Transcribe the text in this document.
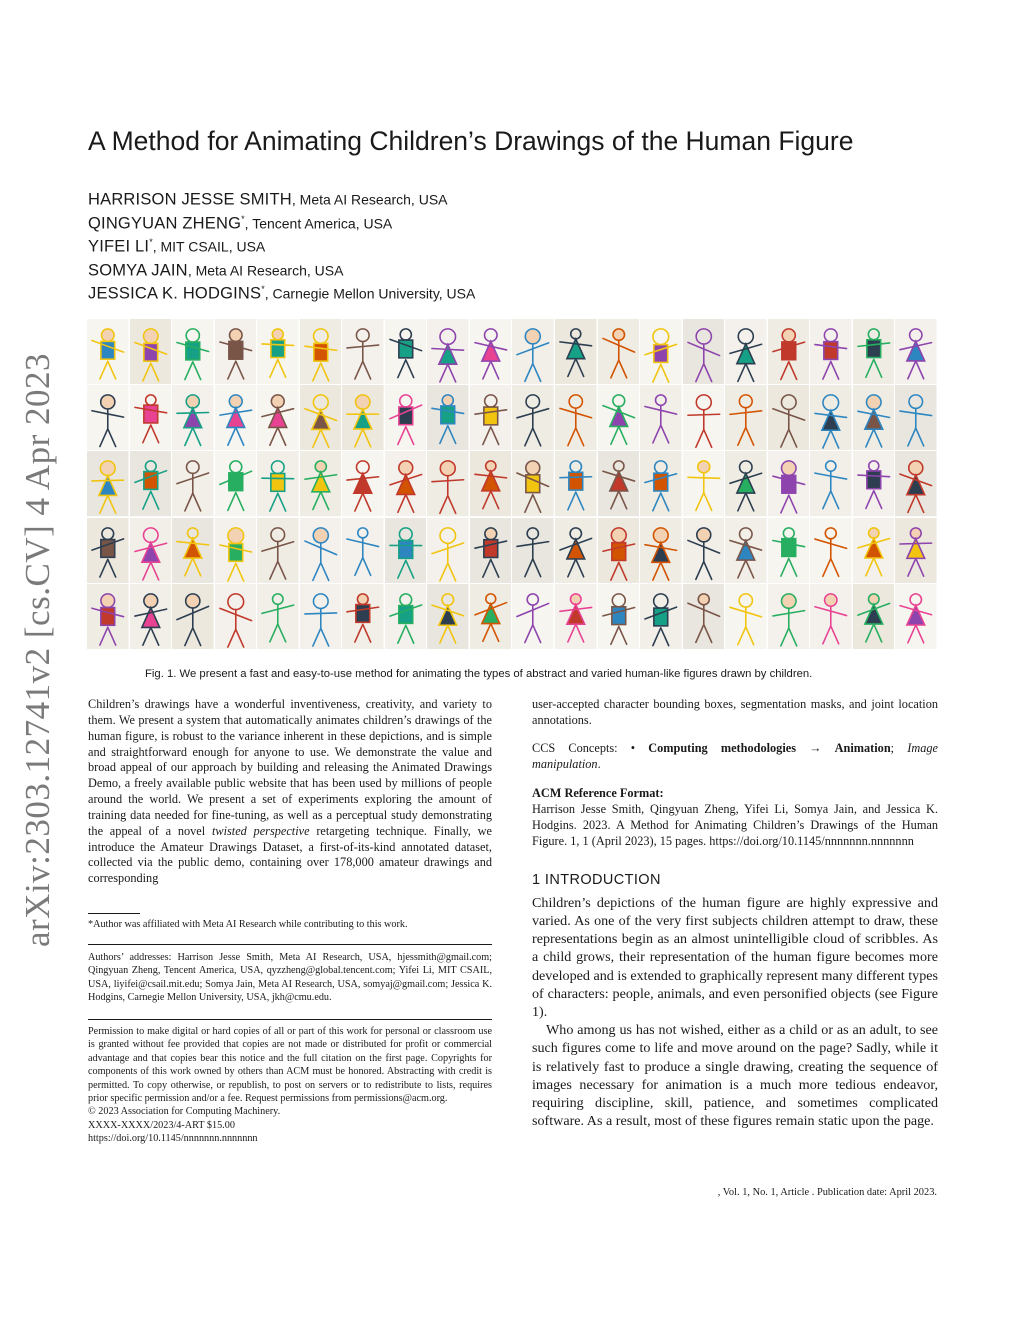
arXiv:2303.12741v2 [cs.CV] 4 Apr 2023
A Method for Animating Children’s Drawings of the Human Figure
HARRISON JESSE SMITH, Meta AI Research, USA
QINGYUAN ZHENG*, Tencent America, USA
YIFEI LI*, MIT CSAIL, USA
SOMYA JAIN, Meta AI Research, USA
JESSICA K. HODGINS*, Carnegie Mellon University, USA
Fig. 1. We present a fast and easy-to-use method for animating the types of abstract and varied human-like figures drawn by children.

Children’s drawings have a wonderful inventiveness, creativity, and variety to them. We present a system that automatically animates children’s drawings of the human figure, is robust to the variance inherent in these depictions, and is simple and straightforward enough for anyone to use. We demonstrate the value and broad appeal of our approach by building and releasing the Animated Drawings Demo, a freely available public website that has been used by millions of people around the world. We present a set of experiments exploring the amount of training data needed for fine-tuning, as well as a perceptual study demonstrating the appeal of a novel twisted perspective retargeting technique. Finally, we introduce the Amateur Drawings Dataset, a first-of-its-kind annotated dataset, collected via the public demo, containing over 178,000 amateur drawings and corresponding

*Author was affiliated with Meta AI Research while contributing to this work.
Authors’ addresses: Harrison Jesse Smith, Meta AI Research, USA, hjessmith@gmail.com; Qingyuan Zheng, Tencent America, USA, qyzzheng@global.tencent.com; Yifei Li, MIT CSAIL, USA, liyifei@csail.mit.edu; Somya Jain, Meta AI Research, USA, somyaj@gmail.com; Jessica K. Hodgins, Carnegie Mellon University, USA, jkh@cmu.edu.
Permission to make digital or hard copies of all or part of this work for personal or classroom use is granted without fee provided that copies are not made or distributed for profit or commercial advantage and that copies bear this notice and the full citation on the first page. Copyrights for components of this work owned by others than ACM must be honored. Abstracting with credit is permitted. To copy otherwise, or republish, to post on servers or to redistribute to lists, requires prior specific permission and/or a fee. Request permissions from permissions@acm.org.
© 2023 Association for Computing Machinery.
XXXX-XXXX/2023/4-ART $15.00
https://doi.org/10.1145/nnnnnnn.nnnnnnn

user-accepted character bounding boxes, segmentation masks, and joint location annotations.

CCS Concepts: • Computing methodologies → Animation; Image manipulation.

ACM Reference Format:

Harrison Jesse Smith, Qingyuan Zheng, Yifei Li, Somya Jain, and Jessica K. Hodgins. 2023. A Method for Animating Children’s Drawings of the Human Figure. 1, 1 (April 2023), 15 pages. https://doi.org/10.1145/nnnnnnn.nnnnnnn

1 INTRODUCTION

Children’s depictions of the human figure are highly expressive and varied. As one of the very first subjects children attempt to draw, these representations begin as an almost unintelligible cloud of scribbles. As a child grows, their representation of the human figure becomes more developed and is extended to graphically represent many different types of characters: people, animals, and even personified objects (see Figure 1).

Who among us has not wished, either as a child or as an adult, to see such figures come to life and move around on the page? Sadly, while it is relatively fast to produce a single drawing, creating the sequence of images necessary for animation is a much more tedious endeavor, requiring discipline, skill, patience, and sometimes complicated software. As a result, most of these figures remain static upon the page.

, Vol. 1, No. 1, Article . Publication date: April 2023.
